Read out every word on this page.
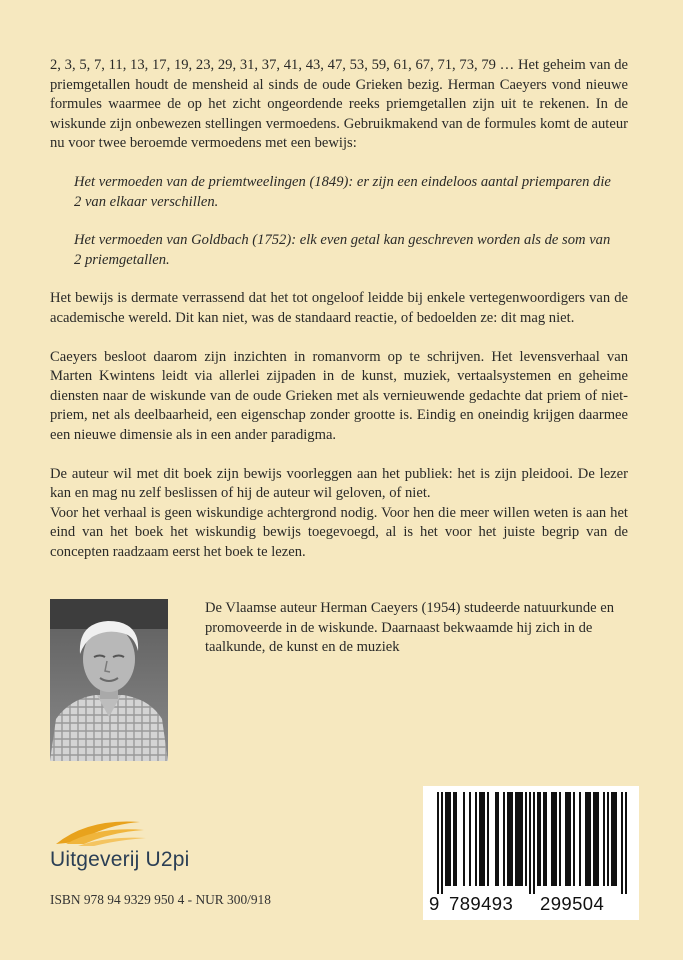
2, 3, 5, 7, 11, 13, 17, 19, 23, 29, 31, 37, 41, 43, 47, 53, 59, 61, 67, 71, 73, 79 … Het geheim van de priemgetallen houdt de mensheid al sinds de oude Grieken bezig. Herman Caeyers vond nieuwe formules waarmee de op het zicht ongeordende reeks priemgetallen zijn uit te rekenen. In de wiskunde zijn onbewezen stellingen vermoedens. Gebruikmakend van de formules komt de auteur nu voor twee beroemde vermoedens met een bewijs:

Het vermoeden van de priemtweelingen (1849): er zijn een eindeloos aantal priemparen die 2 van elkaar verschillen.

Het vermoeden van Goldbach (1752): elk even getal kan geschreven worden als de som van 2 priemgetallen.

Het bewijs is dermate verrassend dat het tot ongeloof leidde bij enkele vertegenwoordigers van de academische wereld. Dit kan niet, was de standaard reactie, of bedoelden ze: dit mag niet.

Caeyers besloot daarom zijn inzichten in romanvorm op te schrijven. Het levensverhaal van Marten Kwintens leidt via allerlei zijpaden in de kunst, muziek, vertaalsystemen en geheime diensten naar de wiskunde van de oude Grieken met als vernieuwende gedachte dat priem of niet-priem, net als deelbaarheid, een eigenschap zonder grootte is. Eindig en oneindig krijgen daarmee een nieuwe dimensie als in een ander paradigma.

De auteur wil met dit boek zijn bewijs voorleggen aan het publiek: het is zijn pleidooi. De lezer kan en mag nu zelf beslissen of hij de auteur wil geloven, of niet.

Voor het verhaal is geen wiskundige achtergrond nodig. Voor hen die meer willen weten is aan het eind van het boek het wiskundig bewijs toegevoegd, al is het voor het juiste begrip van de concepten raadzaam eerst het boek te lezen.

De Vlaamse auteur Herman Caeyers (1954) studeerde natuurkunde en promoveerde in de wiskunde. Daarnaast bekwaamde hij zich in de taalkunde, de kunst en de muziek
Uitgeverij U2pi
ISBN 978 94 9329 950 4 - NUR 300/918	9 789493 299504
